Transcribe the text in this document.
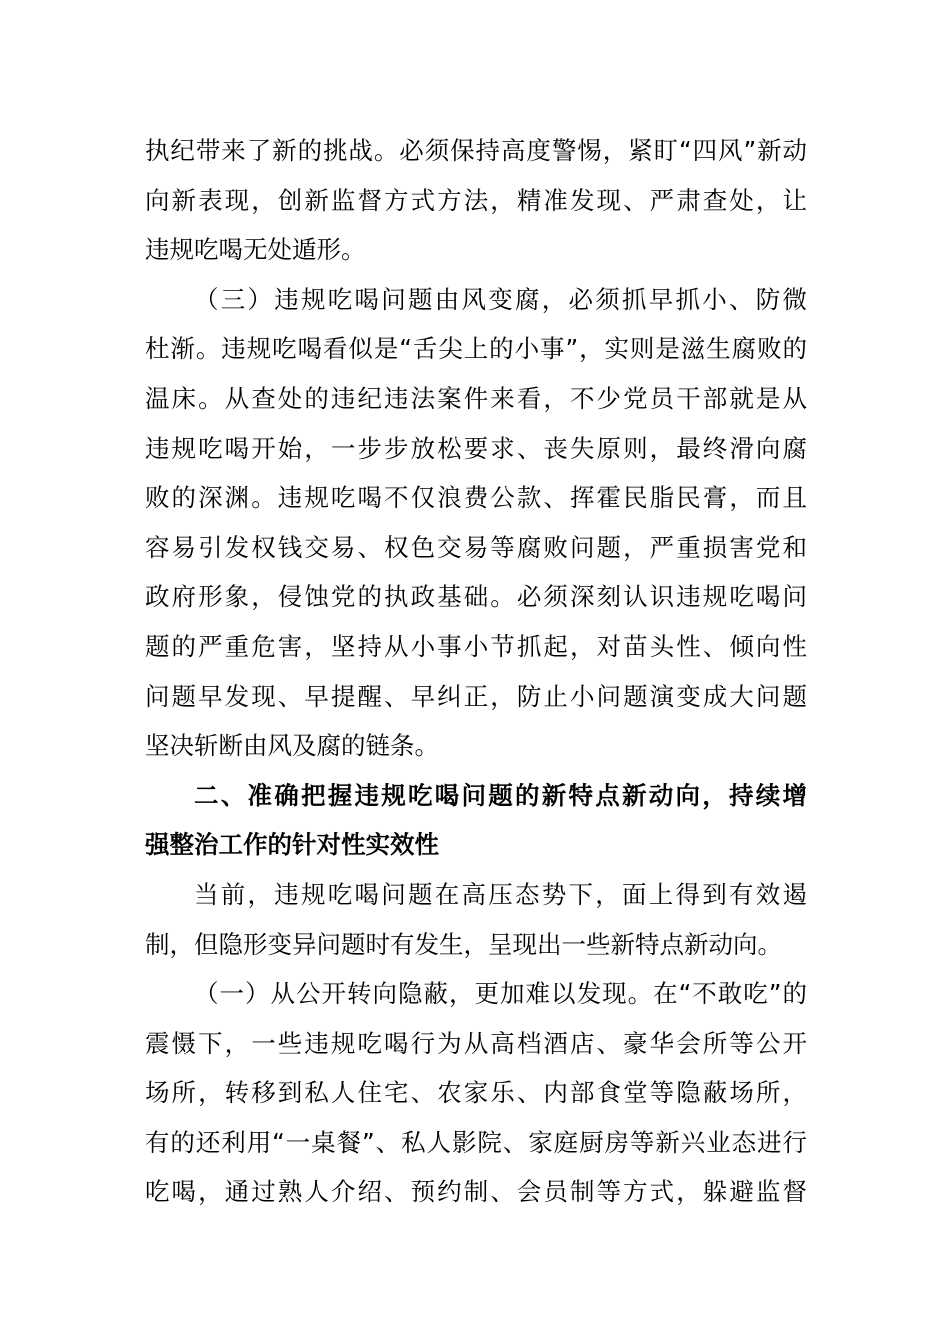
执纪带来了新的挑战。必须保持高度警惕，紧盯“四风”新动
向新表现，创新监督方式方法，精准发现、严肃查处，让
违规吃喝无处遁形。

（三）违规吃喝问题由风变腐，必须抓早抓小、防微
杜渐。违规吃喝看似是“舌尖上的小事”，实则是滋生腐败的
温床。从查处的违纪违法案件来看，不少党员干部就是从
违规吃喝开始，一步步放松要求、丧失原则，最终滑向腐
败的深渊。违规吃喝不仅浪费公款、挥霍民脂民膏，而且
容易引发权钱交易、权色交易等腐败问题，严重损害党和
政府形象，侵蚀党的执政基础。必须深刻认识违规吃喝问
题的严重危害，坚持从小事小节抓起，对苗头性、倾向性
问题早发现、早提醒、早纠正，防止小问题演变成大问题
坚决斩断由风及腐的链条。

二、准确把握违规吃喝问题的新特点新动向，持续增
强整治工作的针对性实效性

当前，违规吃喝问题在高压态势下，面上得到有效遏
制，但隐形变异问题时有发生，呈现出一些新特点新动向。

（一）从公开转向隐蔽，更加难以发现。在“不敢吃”的
震慑下，一些违规吃喝行为从高档酒店、豪华会所等公开
场所，转移到私人住宅、农家乐、内部食堂等隐蔽场所，
有的还利用“一桌餐”、私人影院、家庭厨房等新兴业态进行
吃喝，通过熟人介绍、预约制、会员制等方式，躲避监督
